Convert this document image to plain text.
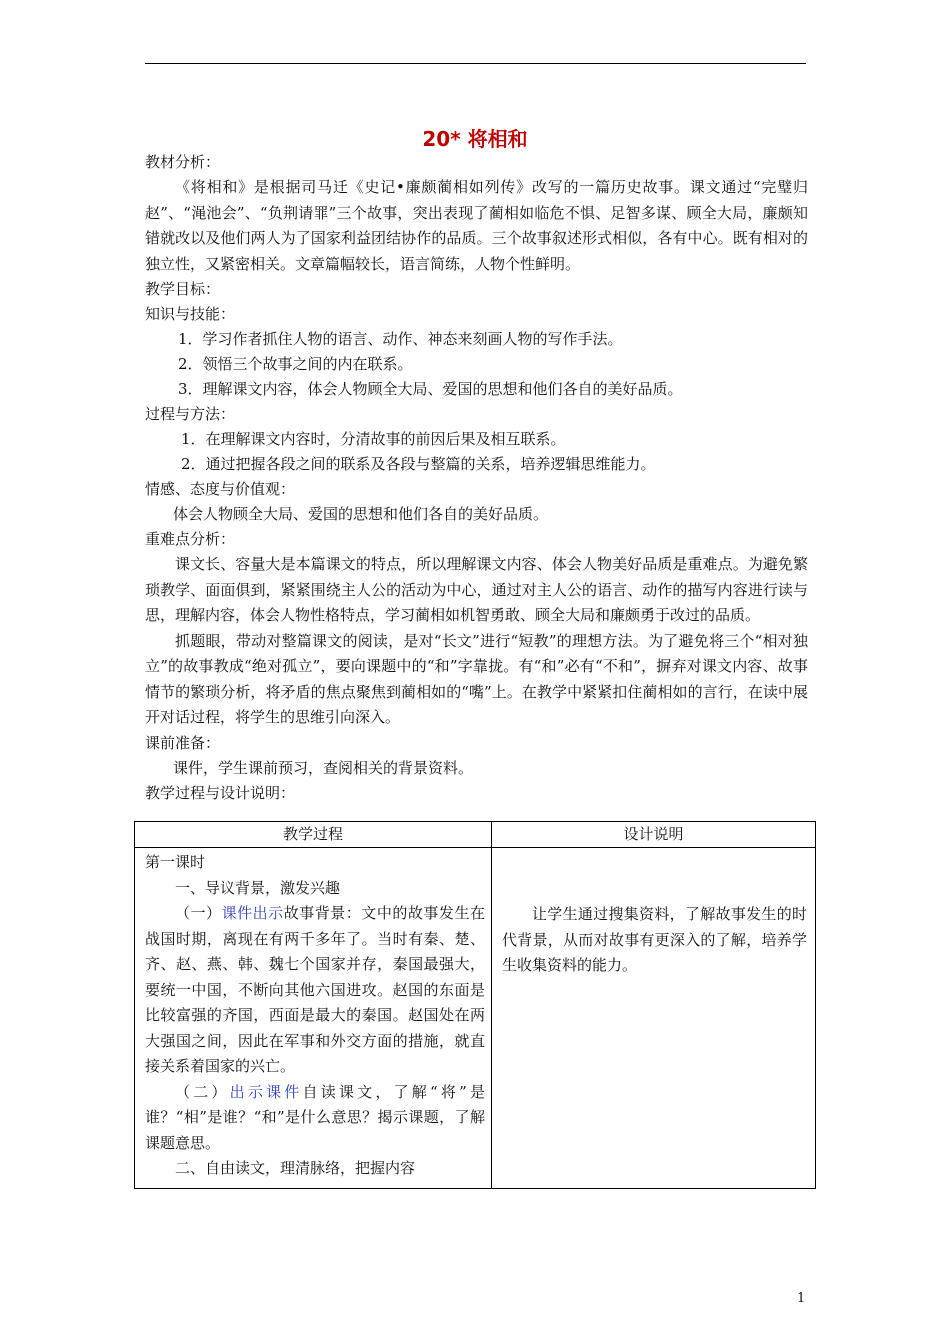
20* 将相和
教材分析：
《将相和》是根据司马迁《史记•廉颇蔺相如列传》改写的一篇历史故事。课文通过“完璧归赵”、“渑池会”、“负荆请罪”三个故事，突出表现了蔺相如临危不惧、足智多谋、顾全大局，廉颇知错就改以及他们两人为了国家利益团结协作的品质。三个故事叙述形式相似，各有中心。既有相对的独立性，又紧密相关。文章篇幅较长，语言简练，人物个性鲜明。
教学目标：
知识与技能：
1．学习作者抓住人物的语言、动作、神态来刻画人物的写作手法。
2．领悟三个故事之间的内在联系。
3．理解课文内容，体会人物顾全大局、爱国的思想和他们各自的美好品质。
过程与方法：
1．在理解课文内容时，分清故事的前因后果及相互联系。
2．通过把握各段之间的联系及各段与整篇的关系，培养逻辑思维能力。
情感、态度与价值观：
体会人物顾全大局、爱国的思想和他们各自的美好品质。
重难点分析：
课文长、容量大是本篇课文的特点，所以理解课文内容、体会人物美好品质是重难点。为避免繁琐教学、面面俱到，紧紧围绕主人公的活动为中心，通过对主人公的语言、动作的描写内容进行读与思，理解内容，体会人物性格特点，学习蔺相如机智勇敢、顾全大局和廉颇勇于改过的品质。
抓题眼，带动对整篇课文的阅读，是对“长文”进行“短教”的理想方法。为了避免将三个“相对独立”的故事教成“绝对孤立”，要向课题中的“和”字靠拢。有“和”必有“不和”，摒弃对课文内容、故事情节的繁琐分析，将矛盾的焦点聚焦到蔺相如的“嘴”上。在教学中紧紧扣住蔺相如的言行，在读中展开对话过程，将学生的思维引向深入。
课前准备：
课件，学生课前预习，查阅相关的背景资料。
教学过程与设计说明：
教学过程	设计说明

第一课时
一、导议背景，激发兴趣
（一）课件出示故事背景：文中的故事发生在战国时期，离现在有两千多年了。当时有秦、楚、齐、赵、燕、韩、魏七个国家并存，秦国最强大，要统一中国，不断向其他六国进攻。赵国的东面是比较富强的齐国，西面是最大的秦国。赵国处在两大强国之间，因此在军事和外交方面的措施，就直接关系着国家的兴亡。
（二）出示课件自读课文，了解“将”是谁？“相”是谁？“和”是什么意思？揭示课题，了解课题意思。
二、自由读文，理清脉络，把握内容	让学生通过搜集资料，了解故事发生的时代背景，从而对故事有更深入的了解，培养学生收集资料的能力。
1
